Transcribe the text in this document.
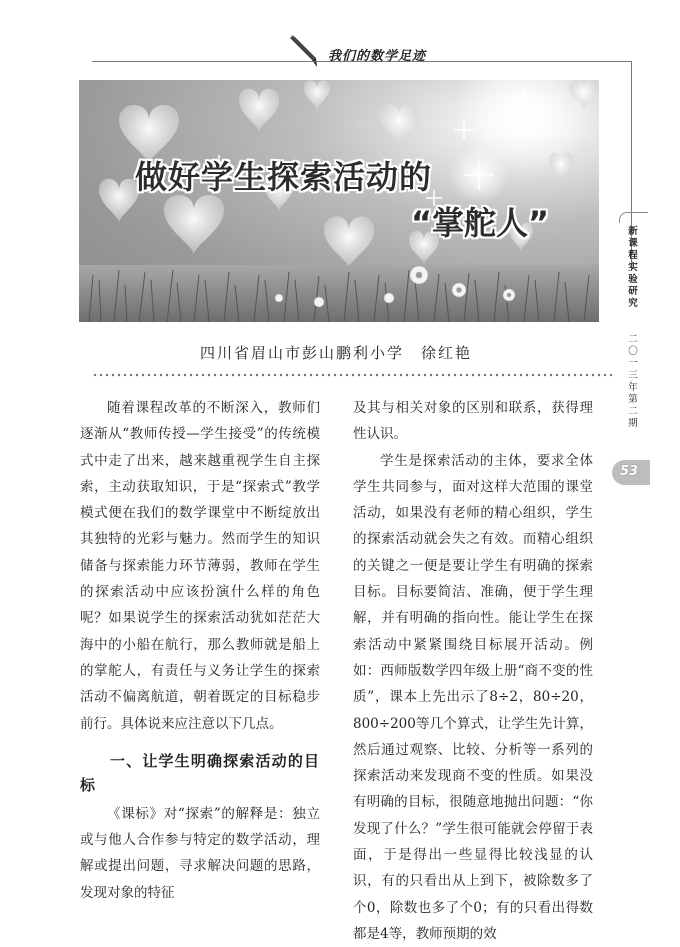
我们的数学足迹
做好学生探索活动的
“掌舵人”
四川省眉山市彭山鹏利小学　徐红艳
新
课
程
实
验
研
究
二
〇
一
三
年
第
二
期
53

随着课程改革的不断深入，教师们逐渐从“教师传授—学生接受”的传统模式中走了出来，越来越重视学生自主探索，主动获取知识，于是“探索式”教学模式便在我们的数学课堂中不断绽放出其独特的光彩与魅力。然而学生的知识储备与探索能力环节薄弱，教师在学生的探索活动中应该扮演什么样的角色呢？如果说学生的探索活动犹如茫茫大海中的小船在航行，那么教师就是船上的掌舵人，有责任与义务让学生的探索活动不偏离航道，朝着既定的目标稳步前行。具体说来应注意以下几点。

一、让学生明确探索活动的目标

《课标》对“探索”的解释是：独立或与他人合作参与特定的数学活动，理解或提出问题，寻求解决问题的思路，发现对象的特征

及其与相关对象的区别和联系，获得理性认识。

学生是探索活动的主体，要求全体学生共同参与，面对这样大范围的课堂活动，如果没有老师的精心组织，学生的探索活动就会失之有效。而精心组织的关键之一便是要让学生有明确的探索目标。目标要简洁、准确，便于学生理解，并有明确的指向性。能让学生在探索活动中紧紧围绕目标展开活动。例如：西师版数学四年级上册“商不变的性质”，课本上先出示了8÷2，80÷20，800÷200等几个算式，让学生先计算，然后通过观察、比较、分析等一系列的探索活动来发现商不变的性质。如果没有明确的目标，很随意地抛出问题：“你发现了什么？”学生很可能就会停留于表面，于是得出一些显得比较浅显的认识，有的只看出从上到下，被除数多了个0，除数也多了个0；有的只看出得数都是4等，教师预期的效
